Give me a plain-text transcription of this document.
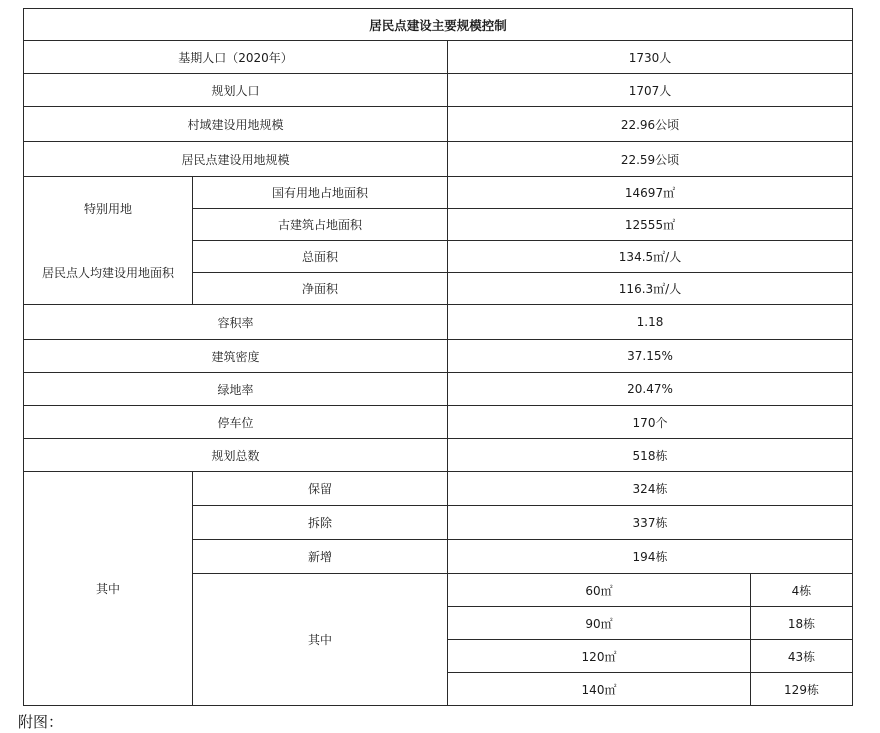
居民点建设主要规模控制
基期人口（2020年）	1730人
规划人口	1707人
村域建设用地规模	22.96公顷
居民点建设用地规模	22.59公顷
特别用地
居民点人均建设用地面积
国有用地占地面积	14697㎡
古建筑占地面积	12555㎡
总面积	134.5㎡/人
净面积	116.3㎡/人
容积率	1.18
建筑密度	37.15%
绿地率	20.47%
停车位	170个
规划总数	518栋
其中
保留	324栋
拆除	337栋
新增	194栋
其中
60㎡	4栋
90㎡	18栋
120㎡	43栋
140㎡	129栋
附图：
